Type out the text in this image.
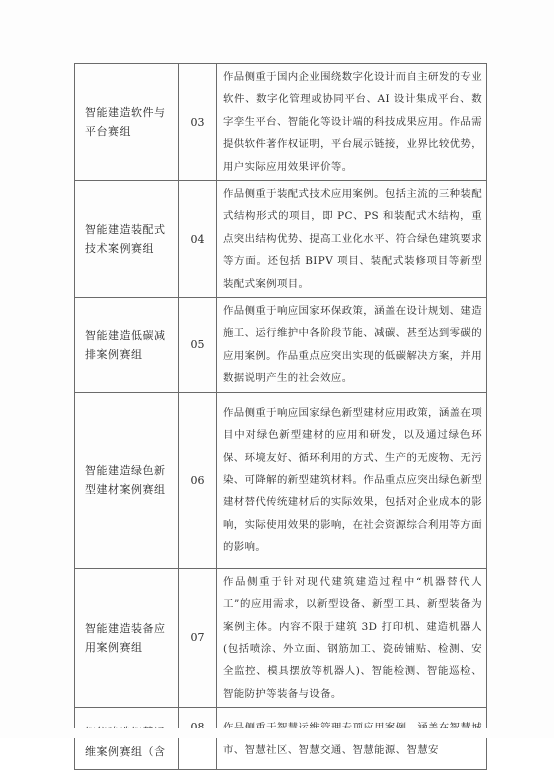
智能建造软件与平台赛组	03	作品侧重于国内企业围绕数字化设计而自主研发的专业软件、数字化管理或协同平台、AI 设计集成平台、数字孪生平台、智能化等设计端的科技成果应用。作品需提供软件著作权证明，平台展示链接，业界比较优势，用户实际应用效果评价等。
智能建造装配式技术案例赛组	04	作品侧重于装配式技术应用案例。包括主流的三种装配式结构形式的项目，即 PC、PS 和装配式木结构，重点突出结构优势、提高工业化水平、符合绿色建筑要求等方面。还包括 BIPV 项目、装配式装修项目等新型装配式案例项目。
智能建造低碳减排案例赛组	05	作品侧重于响应国家环保政策，涵盖在设计规划、建造施工、运行维护中各阶段节能、减碳、甚至达到零碳的应用案例。作品重点应突出实现的低碳解决方案，并用数据说明产生的社会效应。
智能建造绿色新型建材案例赛组	06	作品侧重于响应国家绿色新型建材应用政策，涵盖在项目中对绿色新型建材的应用和研发，以及通过绿色环保、环境友好、循环利用的方式、生产的无废物、无污染、可降解的新型建筑材料。作品重点应突出绿色新型建材替代传统建材后的实际效果，包括对企业成本的影响，实际使用效果的影响，在社会资源综合利用等方面的影响。
智能建造装备应用案例赛组	07	作品侧重于针对现代建筑建造过程中“机器替代人工”的应用需求，以新型设备、新型工具、新型装备为案例主体。内容不限于建筑 3D 打印机、建造机器人(包括喷涂、外立面、钢筋加工、瓷砖铺贴、检测、安全监控、模具摆放等机器人)、智能检测、智能巡检、智能防护等装备与设备。

维案例赛组（含		市、智慧社区、智慧交通、智慧能源、智慧安
